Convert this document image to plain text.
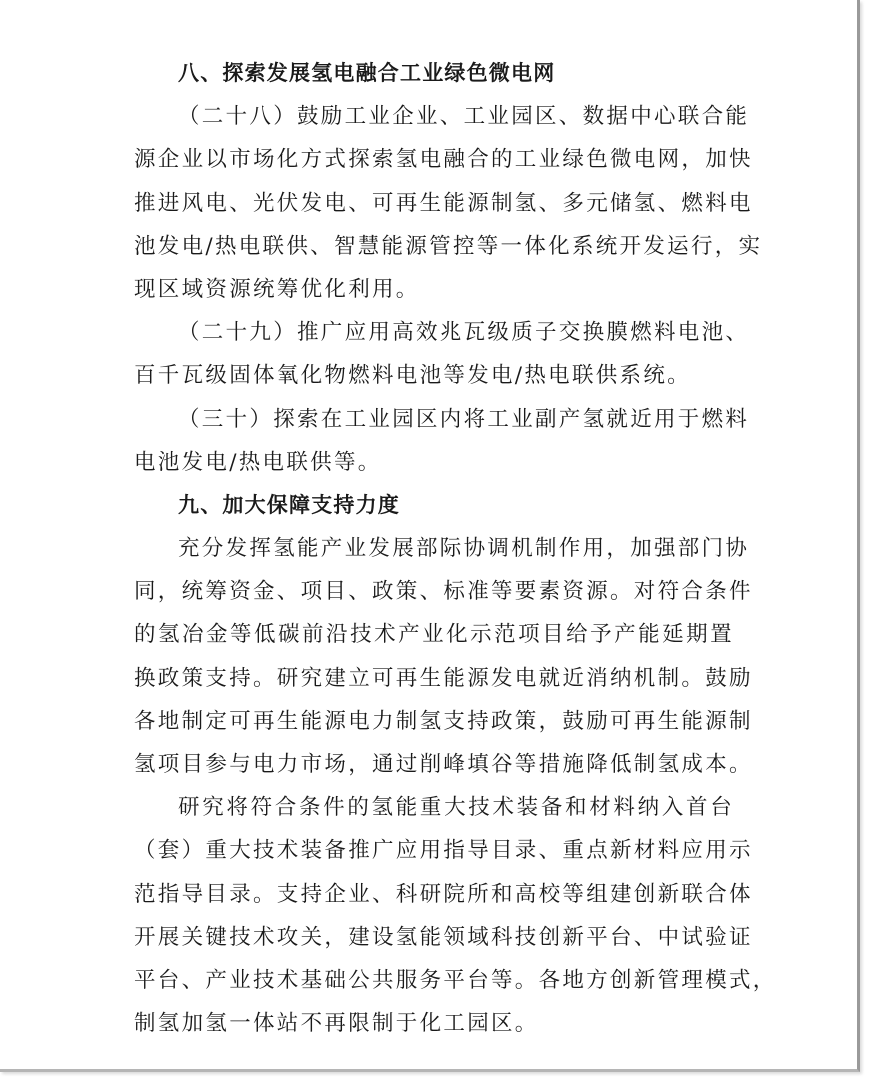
八、探索发展氢电融合工业绿色微电网
（二十八）鼓励工业企业、工业园区、数据中心联合能
源企业以市场化方式探索氢电融合的工业绿色微电网，加快
推进风电、光伏发电、可再生能源制氢、多元储氢、燃料电
池发电/热电联供、智慧能源管控等一体化系统开发运行，实
现区域资源统筹优化利用。
（二十九）推广应用高效兆瓦级质子交换膜燃料电池、
百千瓦级固体氧化物燃料电池等发电/热电联供系统。
（三十）探索在工业园区内将工业副产氢就近用于燃料
电池发电/热电联供等。
九、加大保障支持力度
充分发挥氢能产业发展部际协调机制作用，加强部门协
同，统筹资金、项目、政策、标准等要素资源。对符合条件
的氢冶金等低碳前沿技术产业化示范项目给予产能延期置
换政策支持。研究建立可再生能源发电就近消纳机制。鼓励
各地制定可再生能源电力制氢支持政策，鼓励可再生能源制
氢项目参与电力市场，通过削峰填谷等措施降低制氢成本。
研究将符合条件的氢能重大技术装备和材料纳入首台
（套）重大技术装备推广应用指导目录、重点新材料应用示
范指导目录。支持企业、科研院所和高校等组建创新联合体
开展关键技术攻关，建设氢能领域科技创新平台、中试验证
平台、产业技术基础公共服务平台等。各地方创新管理模式，
制氢加氢一体站不再限制于化工园区。
